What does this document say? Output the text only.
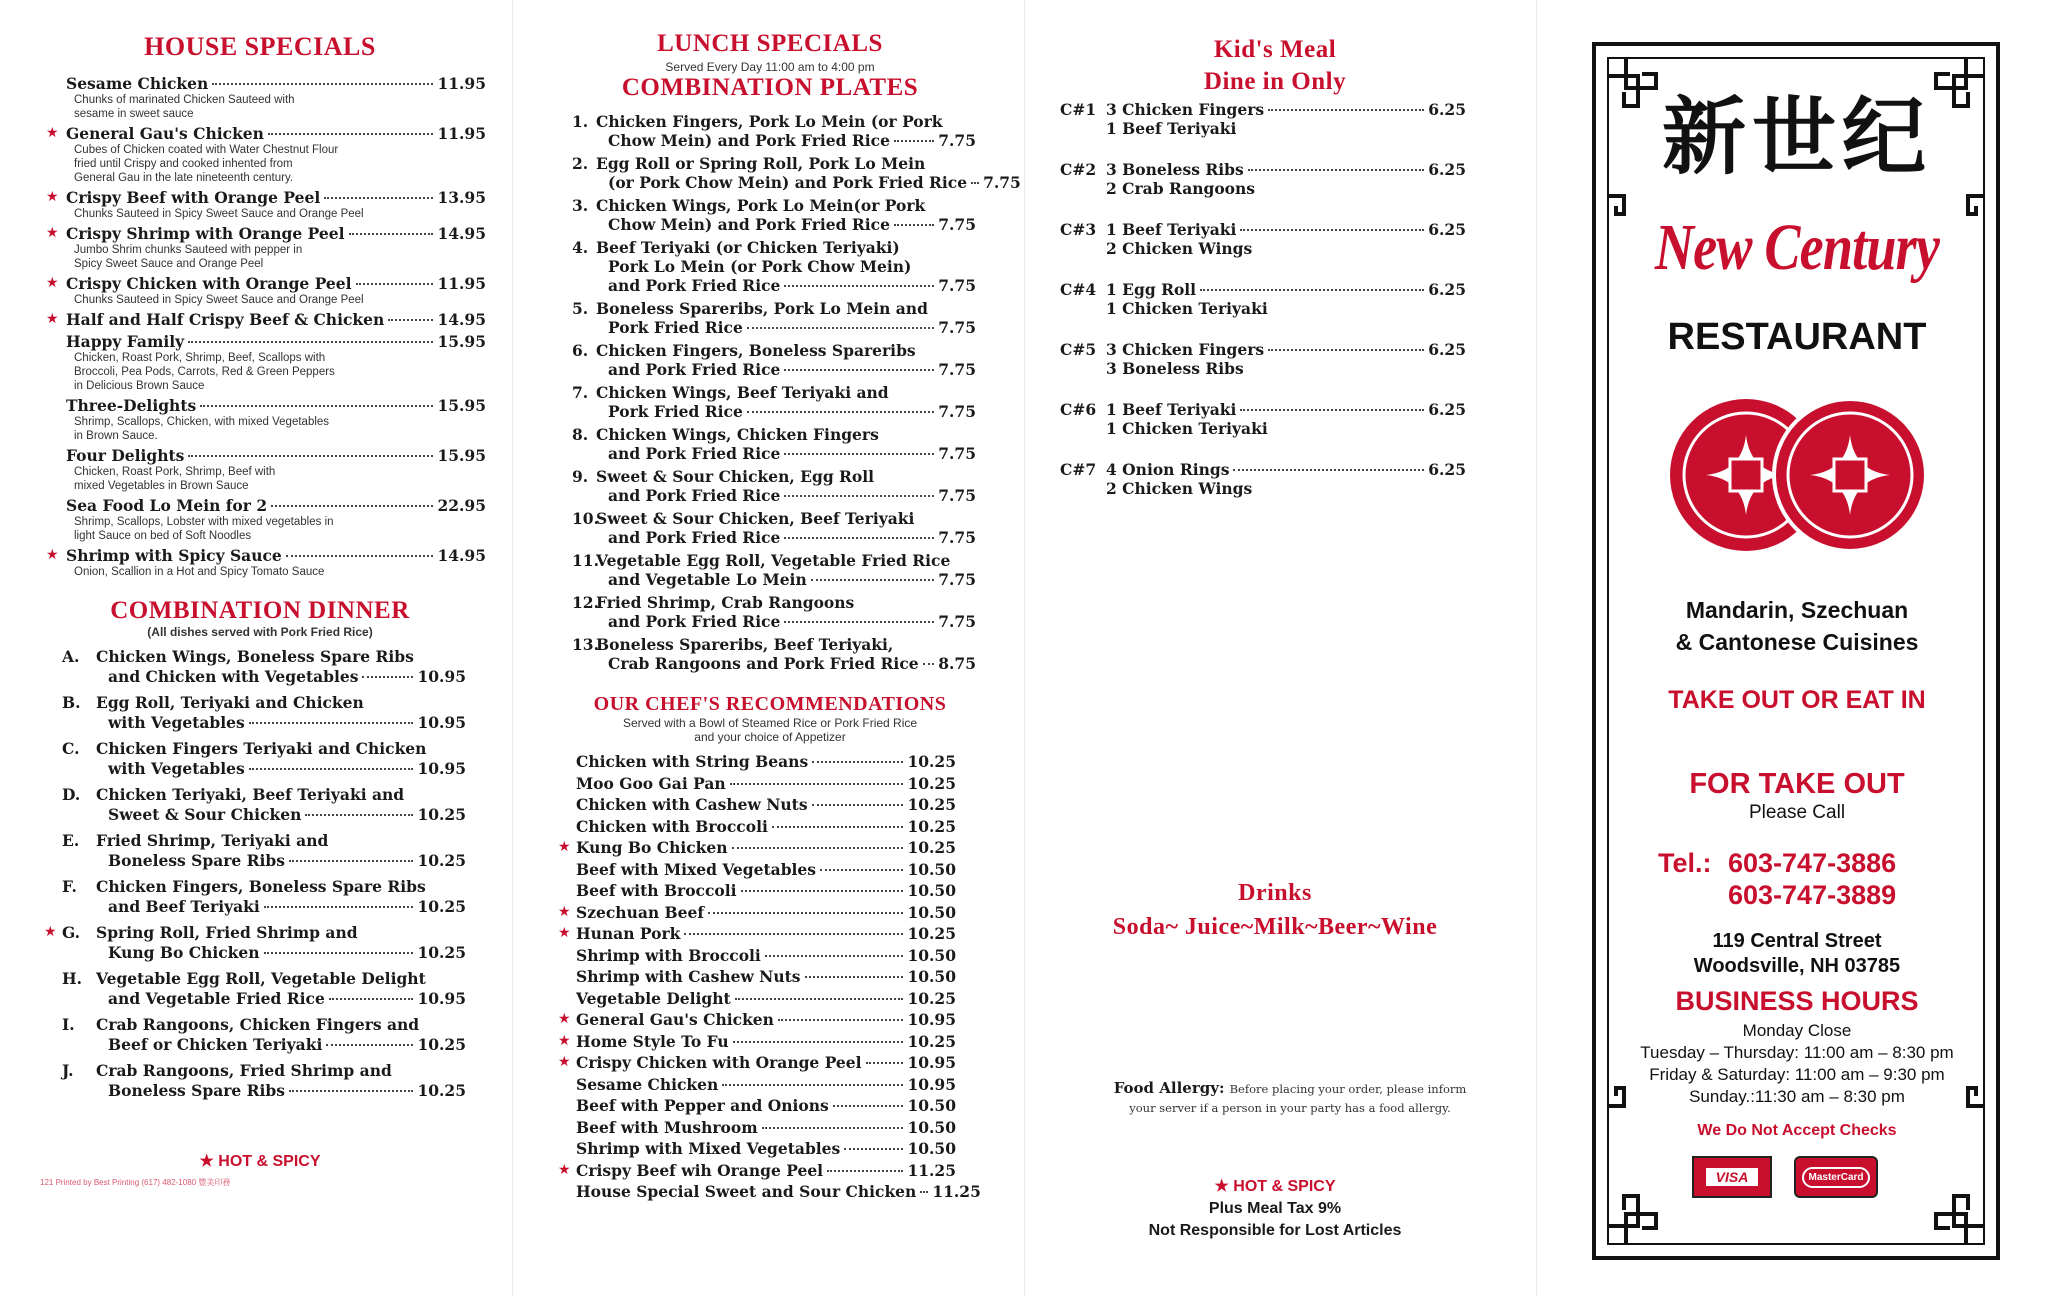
HOUSE SPECIALS
Sesame Chicken	11.95
Chunks of marinated Chicken Sauteed with
sesame in sweet sauce
★ General Gau's Chicken	11.95
Cubes of Chicken coated with Water Chestnut Flour
fried until Crispy and cooked inhented from
General Gau in the late nineteenth century.
★ Crispy Beef with Orange Peel	13.95
Chunks Sauteed in Spicy Sweet Sauce and Orange Peel
★ Crispy Shrimp with Orange Peel	14.95
Jumbo Shrim chunks Sauteed with pepper in
Spicy Sweet Sauce and Orange Peel
★ Crispy Chicken with Orange Peel	11.95
Chunks Sauteed in Spicy Sweet Sauce and Orange Peel
★ Half and Half Crispy Beef & Chicken	14.95
Happy Family	15.95
Chicken, Roast Pork, Shrimp, Beef, Scallops with
Broccoli, Pea Pods, Carrots, Red & Green Peppers
in Delicious Brown Sauce
Three-Delights	15.95
Shrimp, Scallops, Chicken, with mixed Vegetables
in Brown Sauce.
Four Delights	15.95
Chicken, Roast Pork, Shrimp, Beef with
mixed Vegetables in Brown Sauce
Sea Food Lo Mein for 2	22.95
Shrimp, Scallops, Lobster with mixed vegetables in
light Sauce on bed of Soft Noodles
★ Shrimp with Spicy Sauce	14.95
Onion, Scallion in a Hot and Spicy Tomato Sauce
COMBINATION DINNER
(All dishes served with Pork Fried Rice)
A. Chicken Wings, Boneless Spare Ribs
and Chicken with Vegetables	10.95
B. Egg Roll, Teriyaki and Chicken
with Vegetables	10.95
C. Chicken Fingers Teriyaki and Chicken
with Vegetables	10.95
D. Chicken Teriyaki, Beef Teriyaki and
Sweet & Sour Chicken	10.25
E. Fried Shrimp, Teriyaki and
Boneless Spare Ribs	10.25
F. Chicken Fingers, Boneless Spare Ribs
and Beef Teriyaki	10.25
★ G. Spring Roll, Fried Shrimp and
Kung Bo Chicken	10.25
H. Vegetable Egg Roll, Vegetable Delight
and Vegetable Fried Rice	10.95
I. Crab Rangoons, Chicken Fingers and
Beef or Chicken Teriyaki	10.25
J. Crab Rangoons, Fried Shrimp and
Boneless Spare Ribs	10.25
★ HOT & SPICY
121 Printed by Best Printing (617) 482-1080 豐美印務
LUNCH SPECIALS
Served Every Day 11:00 am to 4:00 pm
COMBINATION PLATES
1. Chicken Fingers, Pork Lo Mein (or Pork
Chow Mein) and Pork Fried Rice	7.75
2. Egg Roll or Spring Roll, Pork Lo Mein
(or Pork Chow Mein) and Pork Fried Rice 7.75
3. Chicken Wings, Pork Lo Mein(or Pork
Chow Mein) and Pork Fried Rice	7.75
4. Beef Teriyaki (or Chicken Teriyaki)
Pork Lo Mein (or Pork Chow Mein)
and Pork Fried Rice	7.75
5. Boneless Spareribs, Pork Lo Mein and
Pork Fried Rice	7.75
6. Chicken Fingers, Boneless Spareribs
and Pork Fried Rice	7.75
7. Chicken Wings, Beef Teriyaki and
Pork Fried Rice	7.75
8. Chicken Wings, Chicken Fingers
and Pork Fried Rice	7.75
9. Sweet & Sour Chicken, Egg Roll
and Pork Fried Rice	7.75
10.
Sweet & Sour Chicken, Beef Teriyaki
and Pork Fried Rice	7.75
11.
Vegetable Egg Roll, Vegetable Fried Rice
and Vegetable Lo Mein	7.75
12.
Fried Shrimp, Crab Rangoons
and Pork Fried Rice	7.75
13.
Boneless Spareribs, Beef Teriyaki,
Crab Rangoons and Pork Fried Rice 8.75
OUR CHEF'S RECOMMENDATIONS
Served with a Bowl of Steamed Rice or Pork Fried Rice
and your choice of Appetizer
Chicken with String Beans	10.25
Moo Goo Gai Pan	10.25
Chicken with Cashew Nuts	10.25
Chicken with Broccoli	10.25
★ Kung Bo Chicken	10.25
Beef with Mixed Vegetables	10.50
Beef with Broccoli	10.50
★ Szechuan Beef	10.50
★ Hunan Pork	10.25
Shrimp with Broccoli	10.50
Shrimp with Cashew Nuts	10.50
Vegetable Delight	10.25
★ General Gau's Chicken	10.95
★ Home Style To Fu	10.25
★ Crispy Chicken with Orange Peel	10.95
Sesame Chicken	10.95
Beef with Pepper and Onions	10.50
Beef with Mushroom	10.50
Shrimp with Mixed Vegetables	10.50
★ Crispy Beef wih Orange Peel	11.25
House Special Sweet and Sour Chicken 11.25
Kid's Meal
Dine in Only
C#1 3 Chicken Fingers	6.25
1 Beef Teriyaki
C#2 3 Boneless Ribs	6.25
2 Crab Rangoons
C#3 1 Beef Teriyaki	6.25
2 Chicken Wings
C#4 1 Egg Roll	6.25
1 Chicken Teriyaki
C#5 3 Chicken Fingers	6.25
3 Boneless Ribs
C#6 1 Beef Teriyaki	6.25
1 Chicken Teriyaki
C#7 4 Onion Rings	6.25
2 Chicken Wings
Drinks
Soda~ Juice~Milk~Beer~Wine
Food Allergy: Before placing your order, please inform
your server if a person in your party has a food allergy.
★ HOT & SPICY
Plus Meal Tax 9%
Not Responsible for Lost Articles
新世纪
New Century
RESTAURANT
Mandarin, Szechuan
& Cantonese Cuisines
TAKE OUT OR EAT IN
FOR TAKE OUT
Please Call
Tel.: 603-747-3886
603-747-3889
119 Central Street
Woodsville, NH 03785
BUSINESS HOURS
Monday Close
Tuesday – Thursday: 11:00 am – 8:30 pm
Friday & Saturday: 11:00 am – 9:30 pm
Sunday.:11:30 am – 8:30 pm
We Do Not Accept Checks
VISA	MasterCard
